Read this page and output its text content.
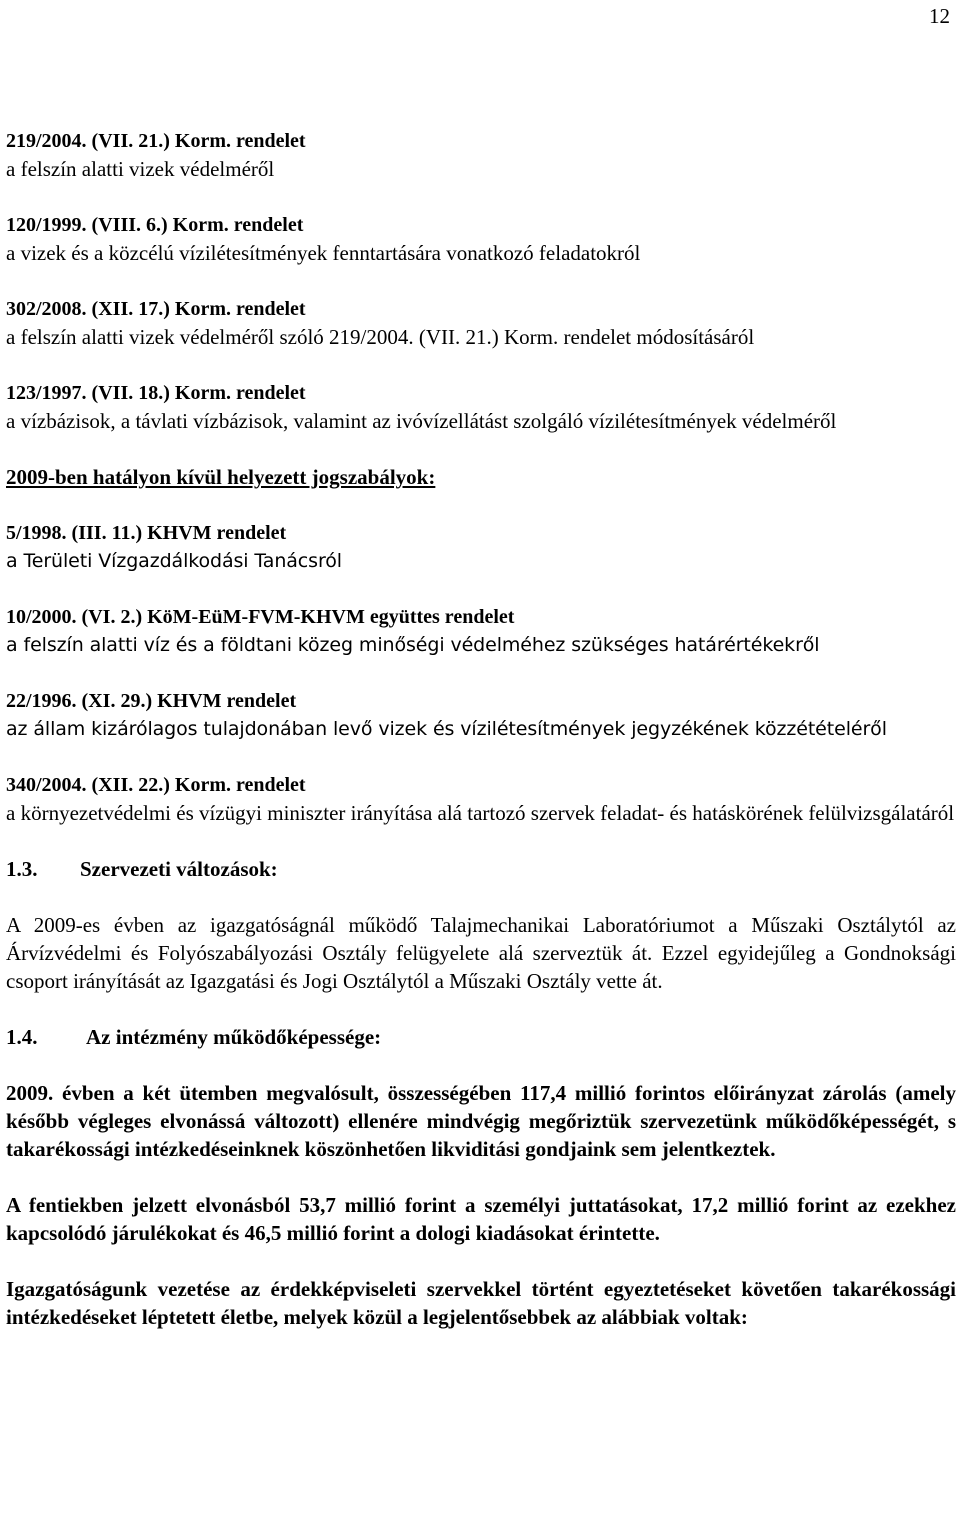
12

219/2004. (VII. 21.) Korm. rendelet

a felszín alatti vizek védelméről

120/1999. (VIII. 6.) Korm. rendelet

a vizek és a közcélú vízilétesítmények fenntartására vonatkozó feladatokról

302/2008. (XII. 17.) Korm. rendelet

a felszín alatti vizek védelméről szóló 219/2004. (VII. 21.) Korm. rendelet módosításáról

123/1997. (VII. 18.) Korm. rendelet

a vízbázisok, a távlati vízbázisok, valamint az ivóvízellátást szolgáló vízilétesítmények védelméről

2009-ben hatályon kívül helyezett jogszabályok:

5/1998. (III. 11.) KHVM rendelet

a Területi Vízgazdálkodási Tanácsról

10/2000. (VI. 2.) KöM-EüM-FVM-KHVM együttes rendelet

a felszín alatti víz és a földtani közeg minőségi védelméhez szükséges határértékekről

22/1996. (XI. 29.) KHVM rendelet

az állam kizárólagos tulajdonában levő vizek és vízilétesítmények jegyzékének közzétételéről

340/2004. (XII. 22.) Korm. rendelet

a környezetvédelmi és vízügyi miniszter irányítása alá tartozó szervek feladat- és hatáskörének felülvizsgálatáról

1.3. Szervezeti változások:

A 2009-es évben az igazgatóságnál működő Talajmechanikai Laboratóriumot a Műszaki Osztálytól az Árvízvédelmi és Folyószabályozási Osztály felügyelete alá szerveztük át. Ezzel egyidejűleg a Gondnoksági csoport irányítását az Igazgatási és Jogi Osztálytól a Műszaki Osztály vette át.

1.4. Az intézmény működőképessége:

2009. évben a két ütemben megvalósult, összességében 117,4 millió forintos előirányzat zárolás (amely később végleges elvonássá változott) ellenére mindvégig megőriztük szervezetünk működőképességét, s takarékossági intézkedéseinknek köszönhetően likviditási gondjaink sem jelentkeztek.

A fentiekben jelzett elvonásból 53,7 millió forint a személyi juttatásokat, 17,2 millió forint az ezekhez kapcsolódó járulékokat és 46,5 millió forint a dologi kiadásokat érintette.

Igazgatóságunk vezetése az érdekképviseleti szervekkel történt egyeztetéseket követően takarékossági intézkedéseket léptetett életbe, melyek közül a legjelentősebbek az alábbiak voltak:
